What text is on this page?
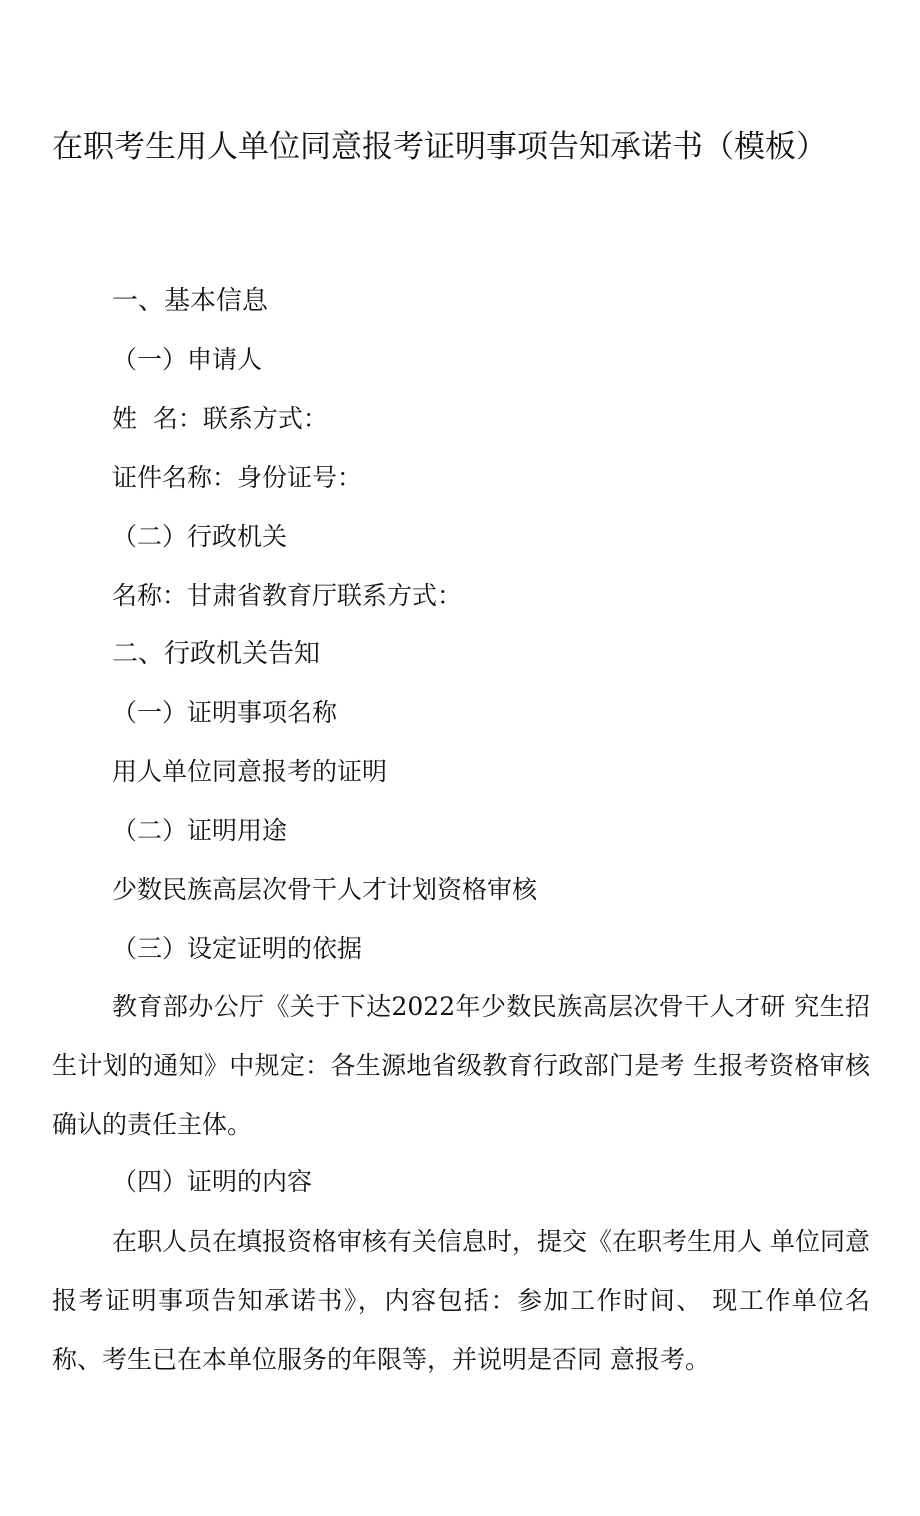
在职考生用人单位同意报考证明事项告知承诺书（模板）

一、基本信息

（一）申请人

姓  名：联系方式：

证件名称：身份证号：

（二）行政机关

名称：甘肃省教育厅联系方式：

二、行政机关告知

（一）证明事项名称

用人单位同意报考的证明

（二）证明用途

少数民族高层次骨干人才计划资格审核

（三）设定证明的依据

教育部办公厅《关于下达2022年少数民族高层次骨干人才研 究生招生计划的通知》中规定：各生源地省级教育行政部门是考 生报考资格审核确认的责任主体。

（四）证明的内容

在职人员在填报资格审核有关信息时，提交《在职考生用人 单位同意报考证明事项告知承诺书》，内容包括：参加工作时间、 现工作单位名称、考生已在本单位服务的年限等，并说明是否同 意报考。
